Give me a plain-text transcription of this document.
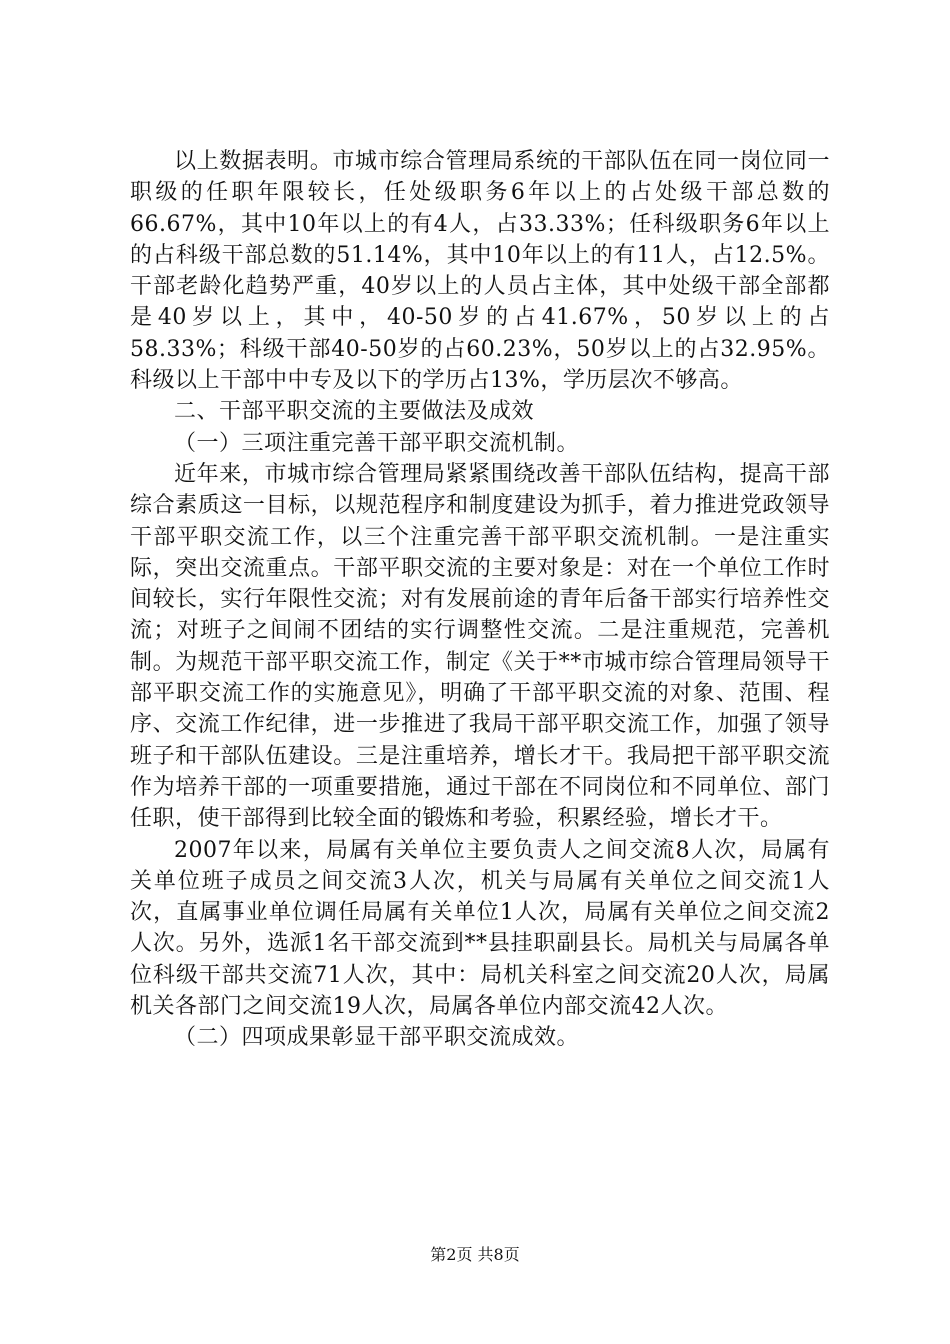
以上数据表明。市城市综合管理局系统的干部队伍在同一岗位同一职级的任职年限较长，任处级职务6年以上的占处级干部总数的66.67%，其中10年以上的有4人，占33.33%；任科级职务6年以上的占科级干部总数的51.14%，其中10年以上的有11人，占12.5%。干部老龄化趋势严重，40岁以上的人员占主体，其中处级干部全部都是40岁以上，其中，40-50岁的占41.67%，50岁以上的占58.33%；科级干部40-50岁的占60.23%，50岁以上的占32.95%。科级以上干部中中专及以下的学历占13%，学历层次不够高。

二、干部平职交流的主要做法及成效

（一）三项注重完善干部平职交流机制。

近年来，市城市综合管理局紧紧围绕改善干部队伍结构，提高干部综合素质这一目标，以规范程序和制度建设为抓手，着力推进党政领导干部平职交流工作，以三个注重完善干部平职交流机制。一是注重实际，突出交流重点。干部平职交流的主要对象是：对在一个单位工作时间较长，实行年限性交流；对有发展前途的青年后备干部实行培养性交流；对班子之间闹不团结的实行调整性交流。二是注重规范，完善机制。为规范干部平职交流工作，制定《关于**市城市综合管理局领导干部平职交流工作的实施意见》，明确了干部平职交流的对象、范围、程序、交流工作纪律，进一步推进了我局干部平职交流工作，加强了领导班子和干部队伍建设。三是注重培养，增长才干。我局把干部平职交流作为培养干部的一项重要措施，通过干部在不同岗位和不同单位、部门任职，使干部得到比较全面的锻炼和考验，积累经验，增长才干。

2007年以来，局属有关单位主要负责人之间交流8人次，局属有关单位班子成员之间交流3人次，机关与局属有关单位之间交流1人次，直属事业单位调任局属有关单位1人次，局属有关单位之间交流2人次。另外，选派1名干部交流到**县挂职副县长。局机关与局属各单位科级干部共交流71人次，其中：局机关科室之间交流20人次，局属机关各部门之间交流19人次，局属各单位内部交流42人次。

（二）四项成果彰显干部平职交流成效。

第2页 共8页
